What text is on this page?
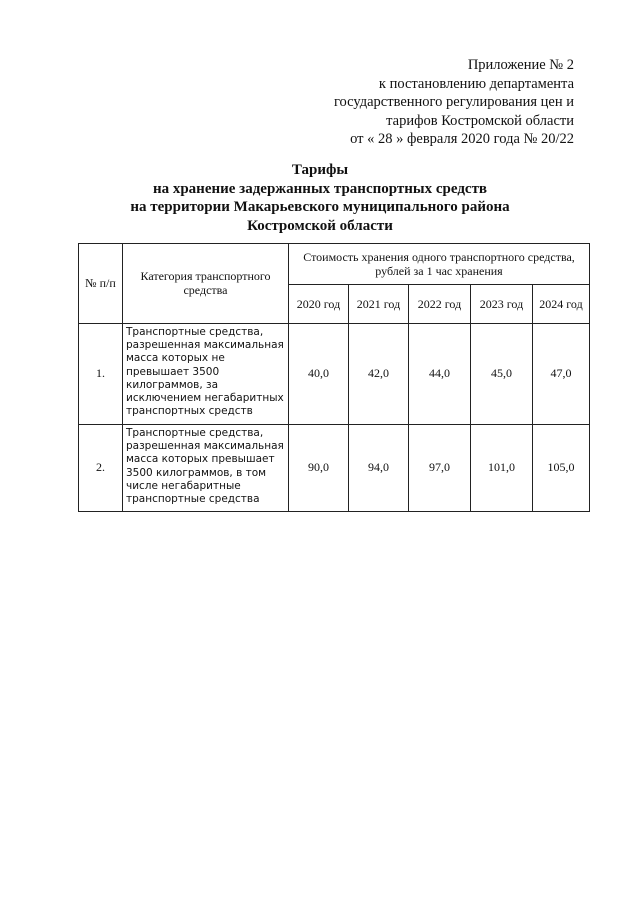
Приложение № 2
к постановлению департамента
государственного регулирования цен и
тарифов Костромской области
от « 28 » февраля 2020 года № 20/22
Тарифы
на хранение задержанных транспортных средств
на территории Макарьевского муниципального района
Костромской области
№ п/п	Категория транспортного средства	Стоимость хранения одного транспортного средства, рублей за 1 час хранения				
		2020 год	2021 год	2022 год	2023 год	2024 год
1.	Транспортные средства, разрешенная максимальная масса которых не превышает 3500 килограммов, за исключением негабаритных транспортных средств	40,0	42,0	44,0	45,0	47,0
2.	Транспортные средства, разрешенная максимальная масса которых превышает 3500 килограммов, в том числе негабаритные транспортные средства	90,0	94,0	97,0	101,0	105,0
